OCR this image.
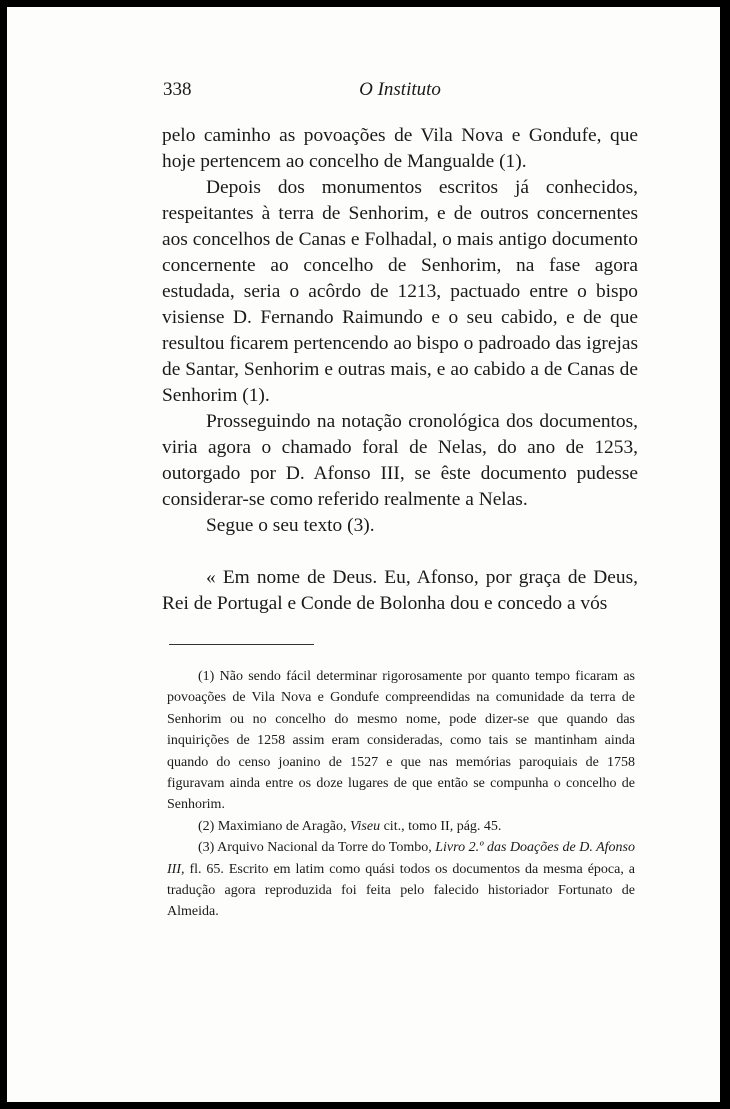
338	O Instituto

pelo caminho as povoações de Vila Nova e Gondufe, que hoje pertencem ao concelho de Mangualde (1).

Depois dos monumentos escritos já conhecidos, respeitantes à terra de Senhorim, e de outros concernentes aos concelhos de Canas e Folhadal, o mais antigo documento concernente ao concelho de Senhorim, na fase agora estudada, seria o acôrdo de 1213, pactuado entre o bispo visiense D. Fernando Raimundo e o seu cabido, e de que resultou ficarem pertencendo ao bispo o padroado das igrejas de Santar, Senhorim e outras mais, e ao cabido a de Canas de Senhorim (1).

Prosseguindo na notação cronológica dos documentos, viria agora o chamado foral de Nelas, do ano de 1253, outorgado por D. Afonso III, se êste documento pudesse considerar-se como referido realmente a Nelas.

Segue o seu texto (3).

« Em nome de Deus. Eu, Afonso, por graça de Deus, Rei de Portugal e Conde de Bolonha dou e concedo a vós

(1) Não sendo fácil determinar rigorosamente por quanto tempo ficaram as povoações de Vila Nova e Gondufe compreendidas na comunidade da terra de Senhorim ou no concelho do mesmo nome, pode dizer-se que quando das inquirições de 1258 assim eram consideradas, como tais se mantinham ainda quando do censo joanino de 1527 e que nas memórias paroquiais de 1758 figuravam ainda entre os doze lugares de que então se compunha o concelho de Senhorim.

(2) Maximiano de Aragão, Viseu cit., tomo II, pág. 45.

(3) Arquivo Nacional da Torre do Tombo, Livro 2.º das Doações de D. Afonso III, fl. 65. Escrito em latim como quási todos os documentos da mesma época, a tradução agora reproduzida foi feita pelo falecido historiador Fortunato de Almeida.
